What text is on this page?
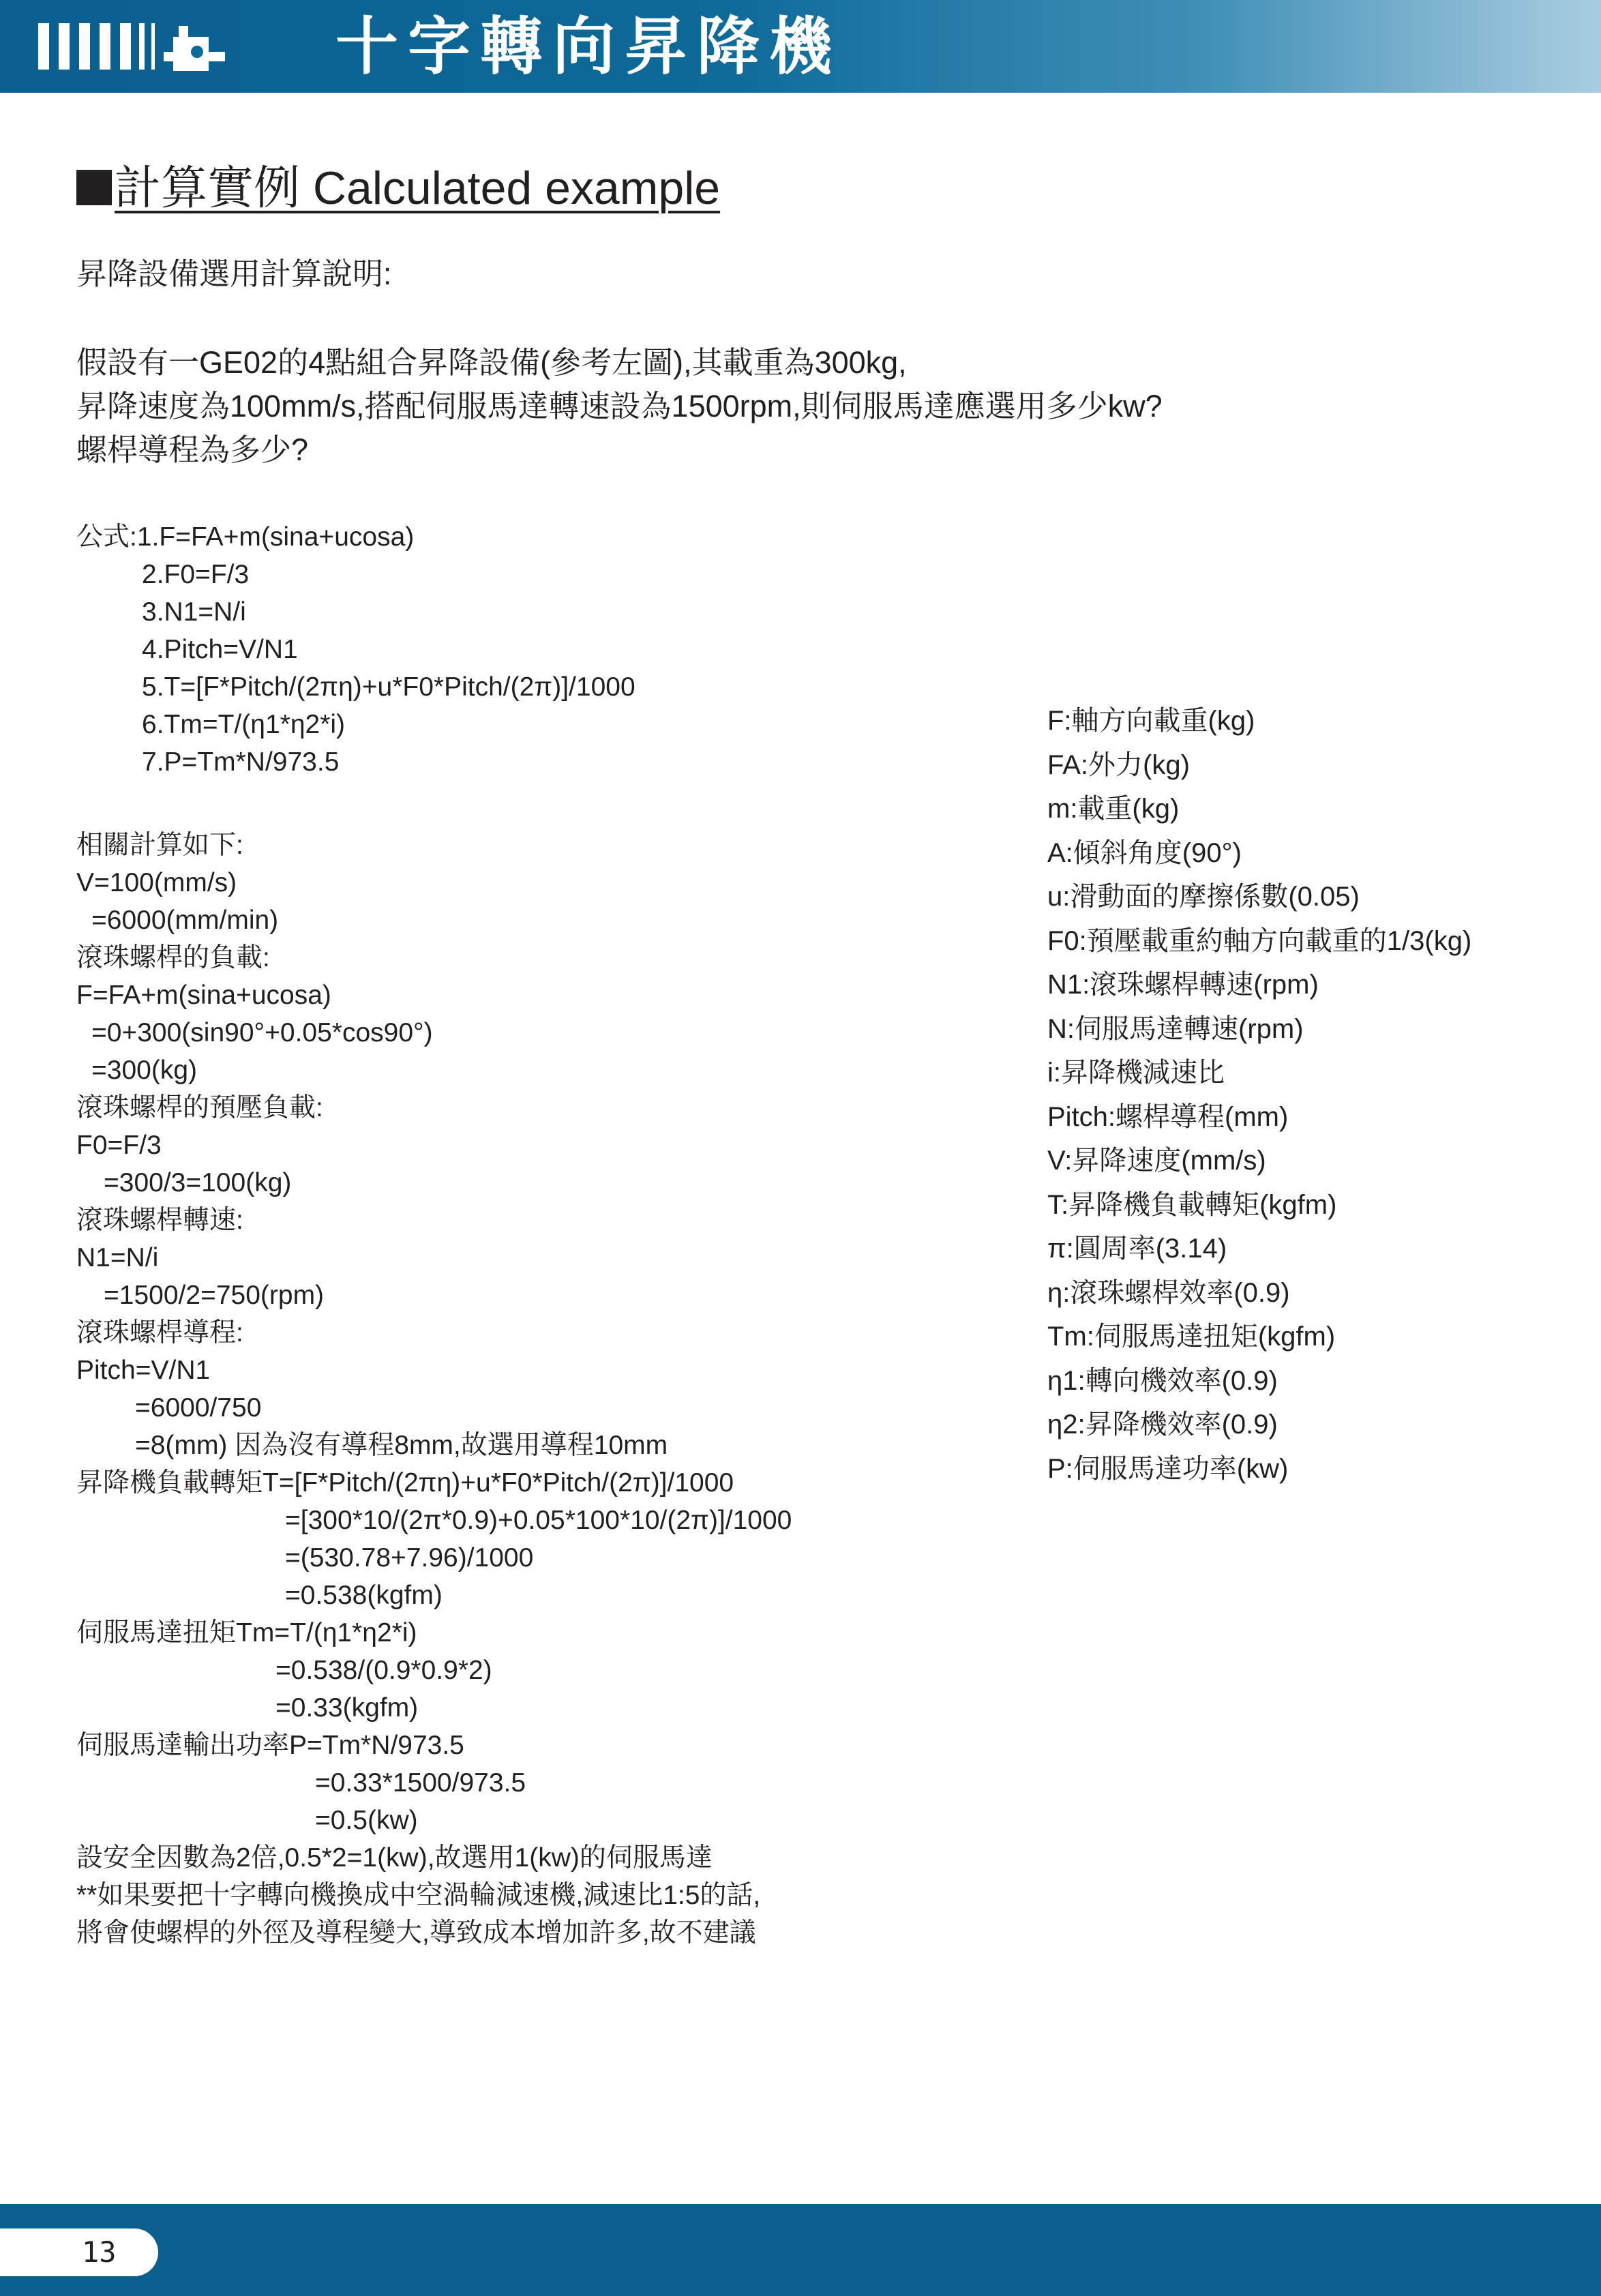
十字轉向昇降機
計算實例 Calculated example
昇降設備選用計算說明:
假設有一GE02的4點組合昇降設備(參考左圖),其載重為300kg,
昇降速度為100mm/s,搭配伺服馬達轉速設為1500rpm,則伺服馬達應選用多少kw?
螺桿導程為多少?
公式:1.F=FA+m(sina+ucosa)
2.F0=F/3
3.N1=N/i
4.Pitch=V/N1
5.T=[F*Pitch/(2πη)+u*F0*Pitch/(2π)]/1000
6.Tm=T/(η1*η2*i)
7.P=Tm*N/973.5
相關計算如下:
V=100(mm/s)
=6000(mm/min)
滾珠螺桿的負載:
F=FA+m(sina+ucosa)
=0+300(sin90°+0.05*cos90°)
=300(kg)
滾珠螺桿的預壓負載:
F0=F/3
=300/3=100(kg)
滾珠螺桿轉速:
N1=N/i
=1500/2=750(rpm)
滾珠螺桿導程:
Pitch=V/N1
=6000/750
=8(mm) 因為沒有導程8mm,故選用導程10mm
昇降機負載轉矩T=[F*Pitch/(2πη)+u*F0*Pitch/(2π)]/1000
=[300*10/(2π*0.9)+0.05*100*10/(2π)]/1000
=(530.78+7.96)/1000
=0.538(kgfm)
伺服馬達扭矩Tm=T/(η1*η2*i)
=0.538/(0.9*0.9*2)
=0.33(kgfm)
伺服馬達輸出功率P=Tm*N/973.5
=0.33*1500/973.5
=0.5(kw)
設安全因數為2倍,0.5*2=1(kw),故選用1(kw)的伺服馬達
**如果要把十字轉向機換成中空渦輪減速機,減速比1:5的話,
將會使螺桿的外徑及導程變大,導致成本增加許多,故不建議
F:軸方向載重(kg)
FA:外力(kg)
m:載重(kg)
A:傾斜角度(90°)
u:滑動面的摩擦係數(0.05)
F0:預壓載重約軸方向載重的1/3(kg)
N1:滾珠螺桿轉速(rpm)
N:伺服馬達轉速(rpm)
i:昇降機減速比
Pitch:螺桿導程(mm)
V:昇降速度(mm/s)
T:昇降機負載轉矩(kgfm)
π:圓周率(3.14)
η:滾珠螺桿效率(0.9)
Tm:伺服馬達扭矩(kgfm)
η1:轉向機效率(0.9)
η2:昇降機效率(0.9)
P:伺服馬達功率(kw)
13
